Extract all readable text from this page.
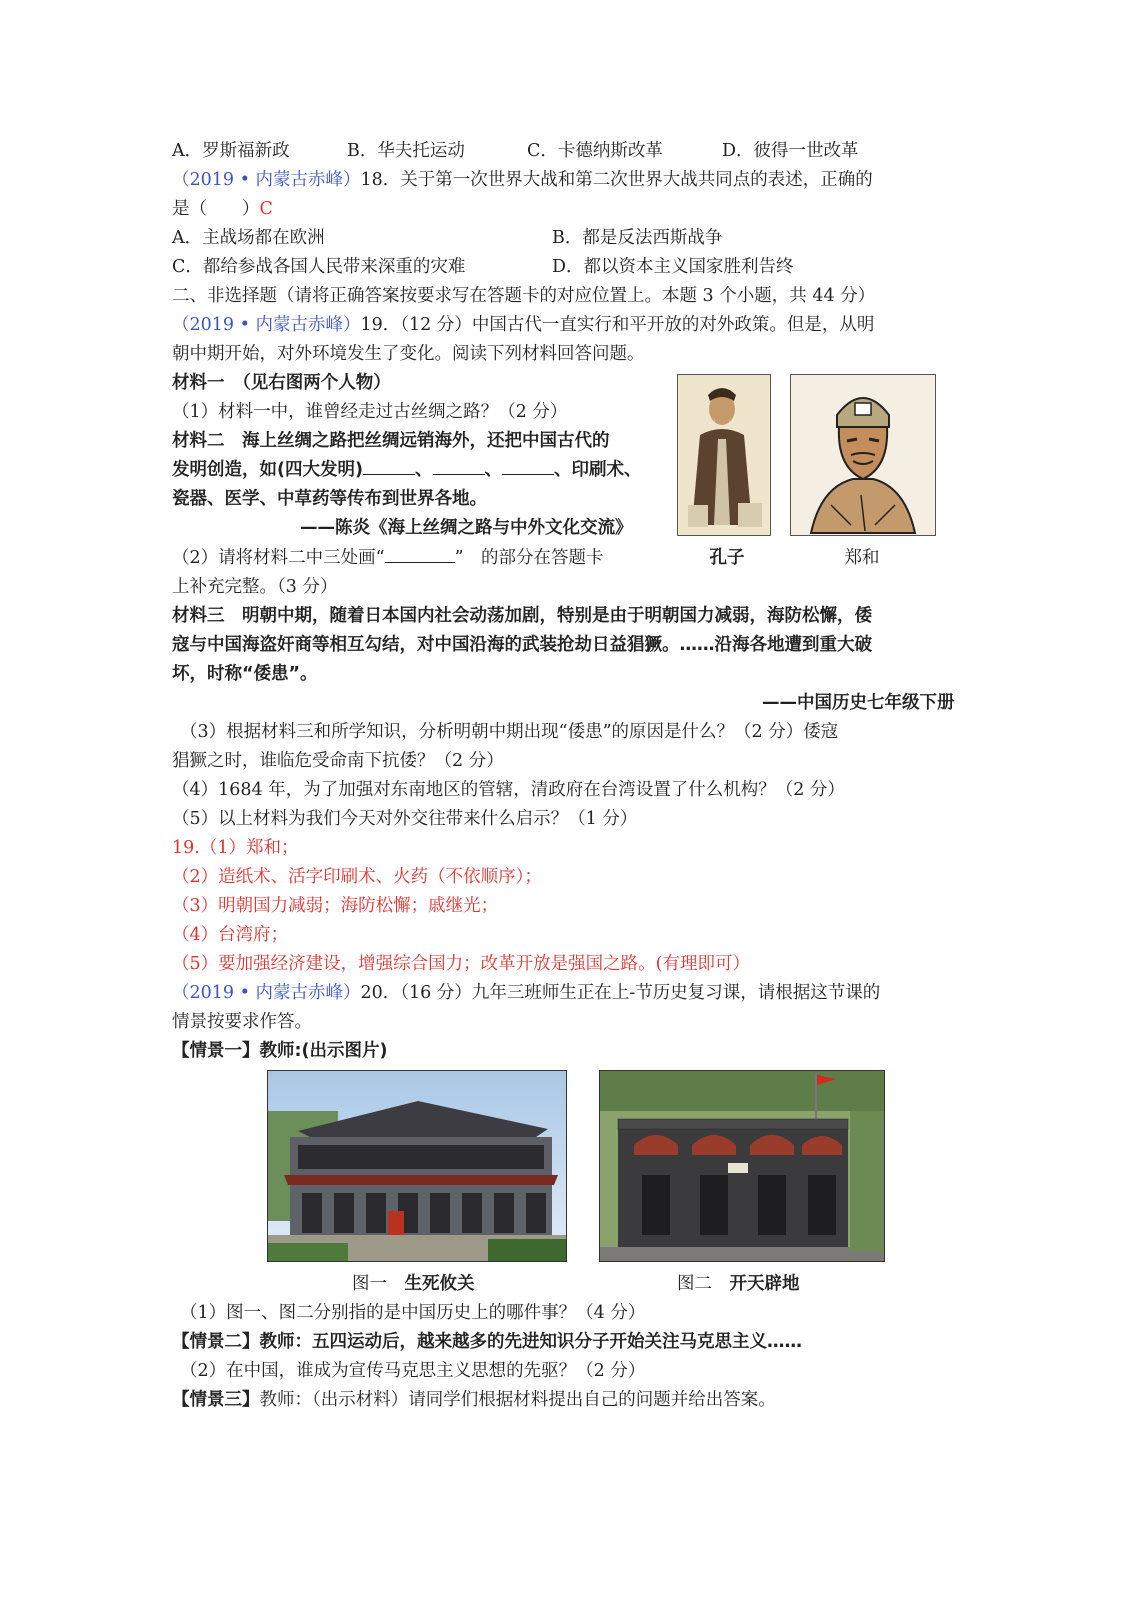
A．罗斯福新政	B．华夫托运动	C．卡德纳斯改革	D．彼得一世改革
（2019 • 内蒙古赤峰）18．关于第一次世界大战和第二次世界大战共同点的表述，正确的
是（　　）C
A．主战场都在欧洲	B．都是反法西斯战争
C．都给参战各国人民带来深重的灾难	D．都以资本主义国家胜利告终
二、非选择题（请将正确答案按要求写在答题卡的对应位置上。本题 3 个小题，共 44 分）
（2019 • 内蒙古赤峰）19．（12 分）中国古代一直实行和平开放的对外政策。但是，从明
朝中期开始，对外环境发生了变化。阅读下列材料回答问题。
材料一　（见右图两个人物）
（1）材料一中，谁曾经走过古丝绸之路？（2 分）
材料二　海上丝绸之路把丝绸远销海外，还把中国古代的
发明创造，如(四大发明)	、	、	、印刷术、
瓷器、医学、中草药等传布到世界各地。
——陈炎《海上丝绸之路与中外文化交流》
（2）请将材料二中三处画“	”　的部分在答题卡
上补充完整。（3 分）
孔子	郑和
材料三　明朝中期，随着日本国内社会动荡加剧，特别是由于明朝国力减弱，海防松懈，倭
寇与中国海盗奸商等相互勾结，对中国沿海的武装抢劫日益猖獗。……沿海各地遭到重大破
坏，时称“倭患”。
——中国历史七年级下册
（3）根据材料三和所学知识，分析明朝中期出现“倭患”的原因是什么？（2 分）倭寇
猖獗之时，谁临危受命南下抗倭？（2 分）
（4）1684 年，为了加强对东南地区的管辖，清政府在台湾设置了什么机构？（2 分）
（5）以上材料为我们今天对外交往带来什么启示？（1 分）
19.（1）郑和；
（2）造纸术、活字印刷术、火药（不依顺序）；
（3）明朝国力减弱；海防松懈；戚继光；
（4）台湾府；
（5）要加强经济建设，增强综合国力；改革开放是强国之路。(有理即可）
（2019 • 内蒙古赤峰）20．（16 分）九年三班师生正在上-节历史复习课，请根据这节课的
情景按要求作答。
【情景一】教师:(出示图片)
图一　生死攸关	图二　开天辟地
（1）图一、图二分别指的是中国历史上的哪件事？（4 分）
【情景二】教师：五四运动后，越来越多的先进知识分子开始关注马克思主义……
（2）在中国，谁成为宣传马克思主义思想的先驱？（2 分）
【情景三】教师：（出示材料）请同学们根据材料提出自己的问题并给出答案。
